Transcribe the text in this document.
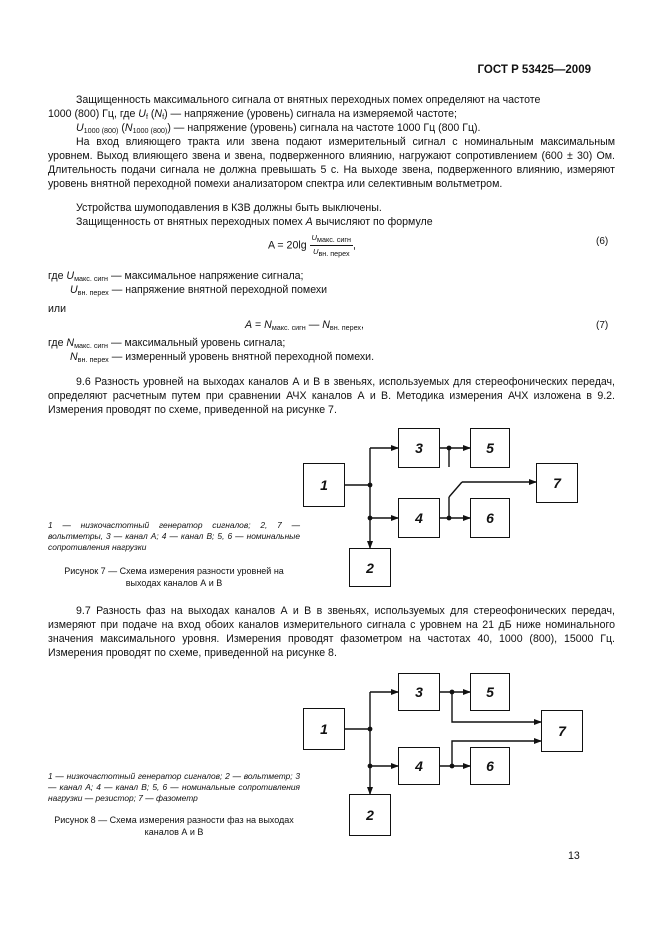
ГОСТ Р 53425—2009
Защищенность максимального сигнала от внятных переходных помех определяют на частоте
1000 (800) Гц, где $U_f$ $(N_f)$ — напряжение (уровень) сигнала на измеряемой частоте;
$U_{1000 (800)}$ $(N_{1000 (800)})$ — напряжение (уровень) сигнала на частоте 1000 Гц (800 Гц).
На вход влияющего тракта или звена подают измерительный сигнал с номинальным максимальным уровнем. Выход влияющего звена и звена, подверженного влиянию, нагружают сопротивлением (600 ± 30) Ом. Длительность подачи сигнала не должна превышать 5 с. На выходе звена, подверженного влиянию, измеряют уровень внятной переходной помехи анализатором спектра или селективным вольтметром.
Устройства шумоподавления в КЗВ должны быть выключены.
Защищенность от внятных переходных помех A вычисляют по формуле
$A = 20\lg \frac{\text{Uмакс. сигн}}{\text{Uвн. перех}}$ ,	(6)
где $U_{макс. сигн}$ — максимальное напряжение сигнала;
$U_{вн. перех}$ — напряжение внятной переходной помехи
или
$A = N_{макс. сигн}$ — $N_{вн. перех}$,	(7)
где $N_{макс. сигн}$ — максимальный уровень сигнала;
$N_{вн. перех}$ — измеренный уровень внятной переходной помехи.
9.6 Разность уровней на выходах каналов А и В в звеньях, используемых для стереофонических передач, определяют расчетным путем при сравнении АЧХ каналов А и В. Методика измерения АЧХ изложена в 9.2. Измерения проводят по схеме, приведенной на рисунке 7.
1
2
3	5
4	6
7
1 — низкочастотный генератор сигналов; 2, 7 — вольтметры, 3 — канал А; 4 — канал В; 5, 6 — номинальные сопротивления нагрузки
Рисунок 7 — Схема измерения разности уровней на выходах каналов А и В
9.7 Разность фаз на выходах каналов А и В в звеньях, используемых для стереофонических передач, измеряют при подаче на вход обоих каналов измерительного сигнала с уровнем на 21 дБ ниже номинального значения максимального уровня. Измерения проводят фазометром на частотах 40, 1000 (800), 15000 Гц. Измерения проводят по схеме, приведенной на рисунке 8.
1
2
3	5
4	6
7
1 — низкочастотный генератор сигналов; 2 — вольтметр; 3 — канал А; 4 — канал В; 5, 6 — номинальные сопротивления нагрузки — резистор; 7 — фазометр
Рисунок 8 — Схема измерения разности фаз на выходах каналов А и В
13
